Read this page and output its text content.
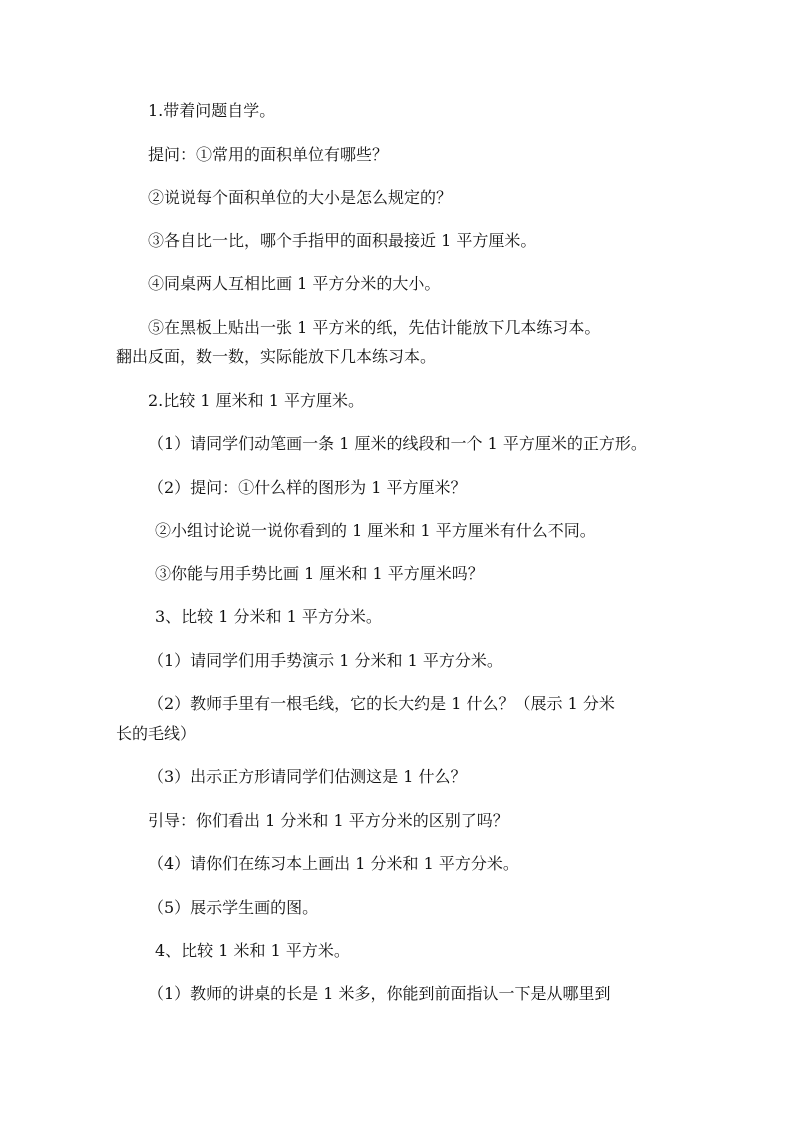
1.带着问题自学。
提问：①常用的面积单位有哪些？
②说说每个面积单位的大小是怎么规定的？
③各自比一比，哪个手指甲的面积最接近 1 平方厘米。
④同桌两人互相比画 1 平方分米的大小。
⑤在黑板上贴出一张 1 平方米的纸，先估计能放下几本练习本。
翻出反面，数一数，实际能放下几本练习本。
2.比较 1 厘米和 1 平方厘米。
（1）请同学们动笔画一条 1 厘米的线段和一个 1 平方厘米的正方形。
（2）提问：①什么样的图形为 1 平方厘米？
②小组讨论说一说你看到的 1 厘米和 1 平方厘米有什么不同。
③你能与用手势比画 1 厘米和 1 平方厘米吗？
3、比较 1 分米和 1 平方分米。
（1）请同学们用手势演示 1 分米和 1 平方分米。
（2）教师手里有一根毛线，它的长大约是 1 什么？（展示 1 分米
长的毛线）
（3）出示正方形请同学们估测这是 1 什么？
引导：你们看出 1 分米和 1 平方分米的区别了吗？
（4）请你们在练习本上画出 1 分米和 1 平方分米。
（5）展示学生画的图。
4、比较 1 米和 1 平方米。
（1）教师的讲桌的长是 1 米多，你能到前面指认一下是从哪里到
